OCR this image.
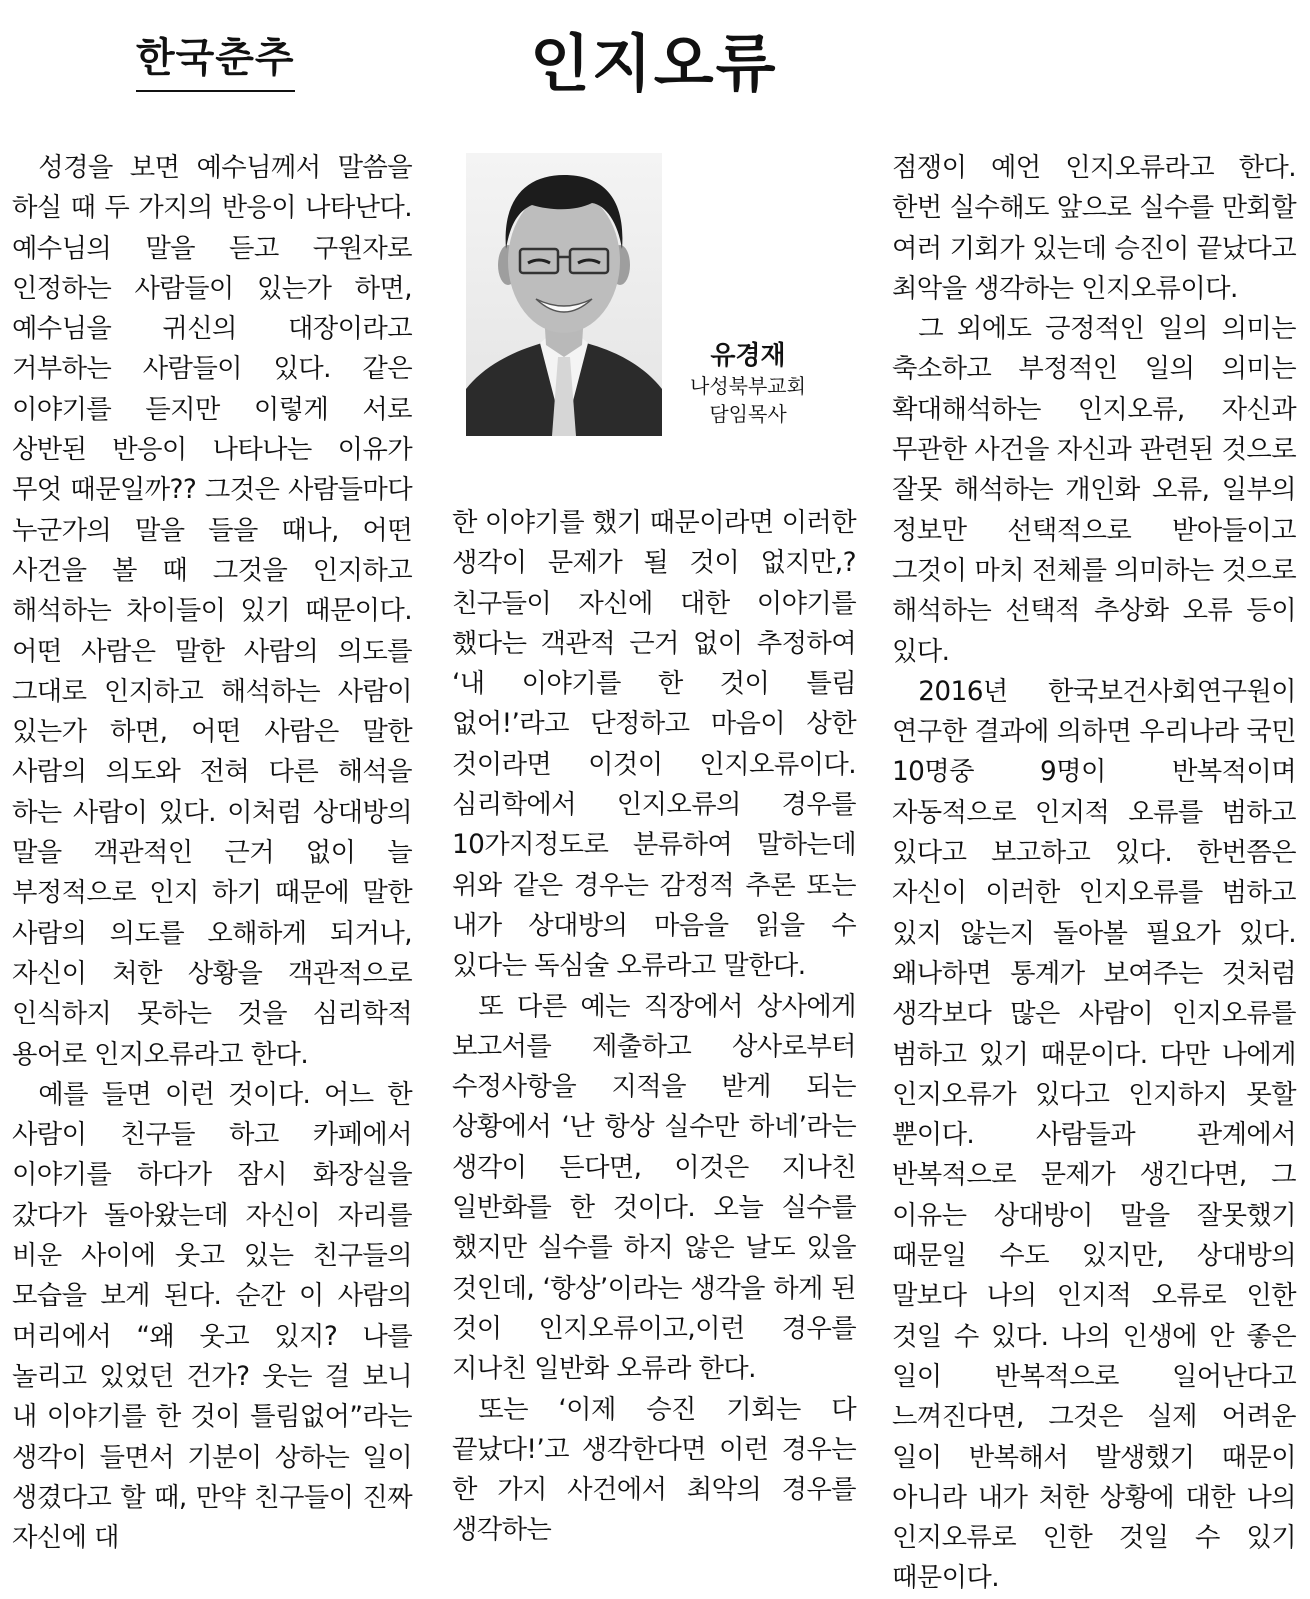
한국춘추	인지오류
유경재
나성북부교회
담임목사

성경을 보면 예수님께서 말씀을 하실 때 두 가지의 반응이 나타난다. 예수님의 말을 듣고 구원자로 인정하는 사람들이 있는가 하면, 예수님을 귀신의 대장이라고 거부하는 사람들이 있다. 같은 이야기를 듣지만 이렇게 서로 상반된 반응이 나타나는 이유가 무엇 때문일까?? 그것은 사람들마다 누군가의 말을 들을 때나, 어떤 사건을 볼 때 그것을 인지하고 해석하는 차이들이 있기 때문이다. 어떤 사람은 말한 사람의 의도를 그대로 인지하고 해석하는 사람이 있는가 하면, 어떤 사람은 말한 사람의 의도와 전혀 다른 해석을 하는 사람이 있다. 이처럼 상대방의 말을 객관적인 근거 없이 늘 부정적으로 인지 하기 때문에 말한 사람의 의도를 오해하게 되거나, 자신이 처한 상황을 객관적으로 인식하지 못하는 것을 심리학적 용어로 인지오류라고 한다.

예를 들면 이런 것이다. 어느 한 사람이 친구들 하고 카페에서 이야기를 하다가 잠시 화장실을 갔다가 돌아왔는데 자신이 자리를 비운 사이에 웃고 있는 친구들의 모습을 보게 된다. 순간 이 사람의 머리에서 “왜 웃고 있지? 나를 놀리고 있었던 건가? 웃는 걸 보니 내 이야기를 한 것이 틀림없어”라는 생각이 들면서 기분이 상하는 일이 생겼다고 할 때, 만약 친구들이 진짜 자신에 대

한 이야기를 했기 때문이라면 이러한 생각이 문제가 될 것이 없지만,? 친구들이 자신에 대한 이야기를 했다는 객관적 근거 없이 추정하여 ‘내 이야기를 한 것이 틀림 없어!’라고 단정하고 마음이 상한 것이라면 이것이 인지오류이다. 심리학에서 인지오류의 경우를 10가지정도로 분류하여 말하는데 위와 같은 경우는 감정적 추론 또는 내가 상대방의 마음을 읽을 수 있다는 독심술 오류라고 말한다.

또 다른 예는 직장에서 상사에게 보고서를 제출하고 상사로부터 수정사항을 지적을 받게 되는 상황에서 ‘난 항상 실수만 하네’라는 생각이 든다면, 이것은 지나친 일반화를 한 것이다. 오늘 실수를 했지만 실수를 하지 않은 날도 있을 것인데, ‘항상’이라는 생각을 하게 된 것이 인지오류이고,이런 경우를 지나친 일반화 오류라 한다.

또는 ‘이제 승진 기회는 다 끝났다!’고 생각한다면 이런 경우는 한 가지 사건에서 최악의 경우를 생각하는

점쟁이 예언 인지오류라고 한다. 한번 실수해도 앞으로 실수를 만회할 여러 기회가 있는데 승진이 끝났다고 최악을 생각하는 인지오류이다.

그 외에도 긍정적인 일의 의미는 축소하고 부정적인 일의 의미는 확대해석하는 인지오류, 자신과 무관한 사건을 자신과 관련된 것으로 잘못 해석하는 개인화 오류, 일부의 정보만 선택적으로 받아들이고 그것이 마치 전체를 의미하는 것으로 해석하는 선택적 추상화 오류 등이 있다.

2016년 한국보건사회연구원이 연구한 결과에 의하면 우리나라 국민 10명중 9명이 반복적이며 자동적으로 인지적 오류를 범하고 있다고 보고하고 있다. 한번쯤은 자신이 이러한 인지오류를 범하고 있지 않는지 돌아볼 필요가 있다. 왜나하면 통계가 보여주는 것처럼 생각보다 많은 사람이 인지오류를 범하고 있기 때문이다. 다만 나에게 인지오류가 있다고 인지하지 못할 뿐이다. 사람들과 관계에서 반복적으로 문제가 생긴다면, 그 이유는 상대방이 말을 잘못했기 때문일 수도 있지만, 상대방의 말보다 나의 인지적 오류로 인한 것일 수 있다. 나의 인생에 안 좋은 일이 반복적으로 일어난다고 느껴진다면, 그것은 실제 어려운 일이 반복해서 발생했기 때문이 아니라 내가 처한 상황에 대한 나의 인지오류로 인한 것일 수 있기 때문이다.
